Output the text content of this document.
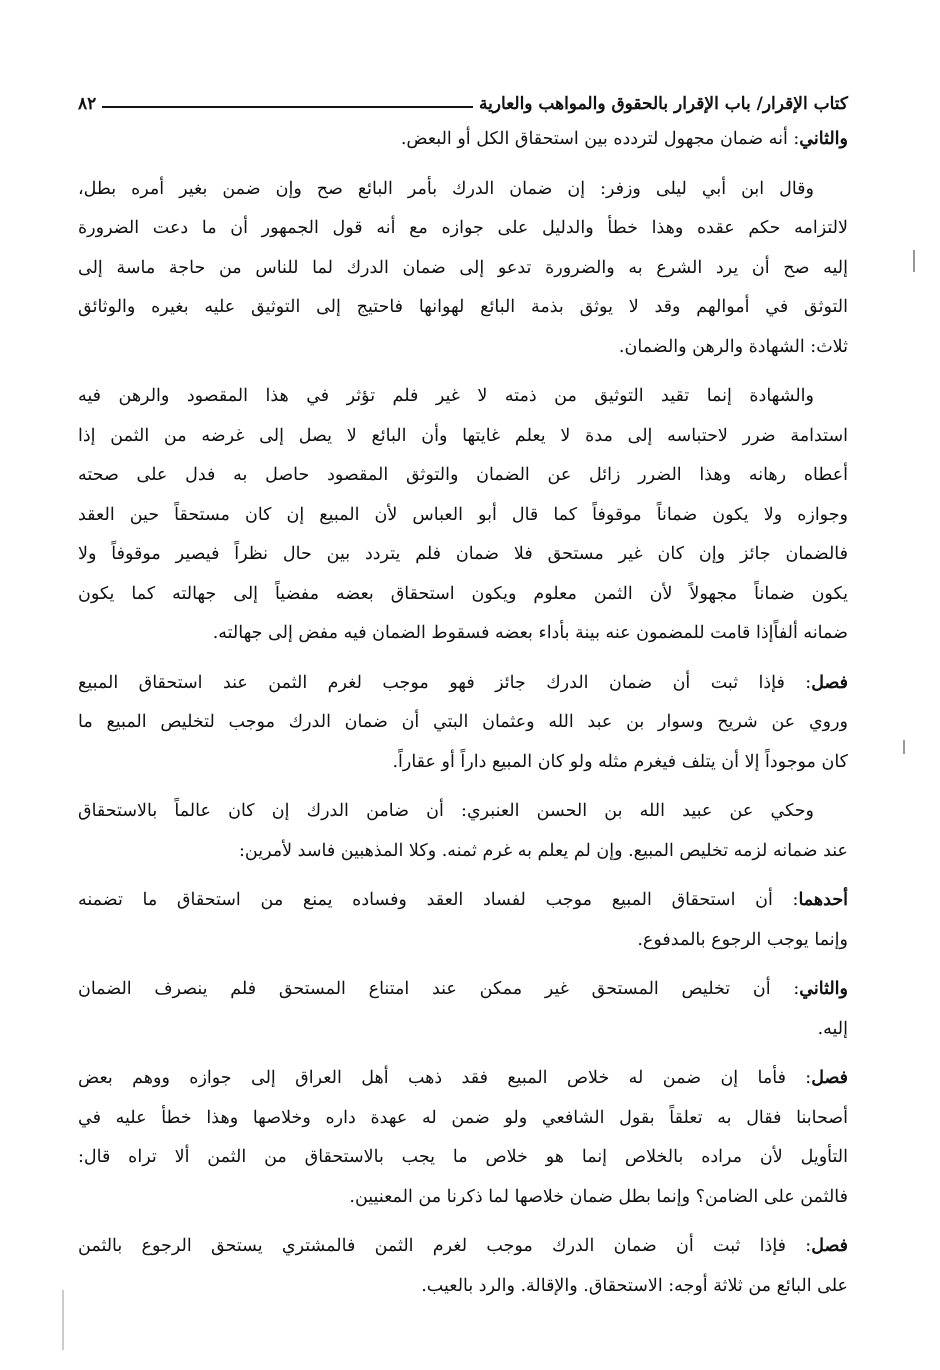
كتاب الإقرار/ باب الإقرار بالحقوق والمواهب والعارية
٨٢
والثاني: أنه ضمان مجهول لتردده بين استحقاق الكل أو البعض.
وقال ابن أبي ليلى وزفر: إن ضمان الدرك بأمر البائع صح وإن ضمن بغير أمره بطل،
لالتزامه حكم عقده وهذا خطأ والدليل على جوازه مع أنه قول الجمهور أن ما دعت الضرورة
إليه صح أن يرد الشرع به والضرورة تدعو إلى ضمان الدرك لما للناس من حاجة ماسة إلى
التوثق في أموالهم وقد لا يوثق بذمة البائع لهوانها فاحتيج إلى التوثيق عليه بغيره والوثائق
ثلاث: الشهادة والرهن والضمان.
والشهادة إنما تقيد التوثيق من ذمته لا غير فلم تؤثر في هذا المقصود والرهن فيه
استدامة ضرر لاحتباسه إلى مدة لا يعلم غايتها وأن البائع لا يصل إلى غرضه من الثمن إذا
أعطاه رهانه وهذا الضرر زائل عن الضمان والتوثق المقصود حاصل به فدل على صحته
وجوازه ولا يكون ضماناً موقوفاً كما قال أبو العباس لأن المبيع إن كان مستحقاً حين العقد
فالضمان جائز وإن كان غير مستحق فلا ضمان فلم يتردد بين حال نظراً فيصير موقوفاً ولا
يكون ضماناً مجهولاً لأن الثمن معلوم ويكون استحقاق بعضه مفضياً إلى جهالته كما يكون
ضمانه ألفاًإذا قامت للمضمون عنه بينة بأداء بعضه فسقوط الضمان فيه مفض إلى جهالته.
فصل: فإذا ثبت أن ضمان الدرك جائز فهو موجب لغرم الثمن عند استحقاق المبيع
وروي عن شريح وسوار بن عبد الله وعثمان البتي أن ضمان الدرك موجب لتخليص المبيع ما
كان موجوداً إلا أن يتلف فيغرم مثله ولو كان المبيع داراً أو عقاراً.
وحكي عن عبيد الله بن الحسن العنبري: أن ضامن الدرك إن كان عالماً بالاستحقاق
عند ضمانه لزمه تخليص المبيع. وإن لم يعلم به غرم ثمنه. وكلا المذهبين فاسد لأمرين:
أحدهما: أن استحقاق المبيع موجب لفساد العقد وفساده يمنع من استحقاق ما تضمنه
وإنما يوجب الرجوع بالمدفوع.
والثاني: أن تخليص المستحق غير ممكن عند امتناع المستحق فلم ينصرف الضمان
إليه.
فصل: فأما إن ضمن له خلاص المبيع فقد ذهب أهل العراق إلى جوازه ووهم بعض
أصحابنا فقال به تعلقاً بقول الشافعي ولو ضمن له عهدة داره وخلاصها وهذا خطأ عليه في
التأويل لأن مراده بالخلاص إنما هو خلاص ما يجب بالاستحقاق من الثمن ألا تراه قال:
فالثمن على الضامن؟ وإنما بطل ضمان خلاصها لما ذكرنا من المعنيين.
فصل: فإذا ثبت أن ضمان الدرك موجب لغرم الثمن فالمشتري يستحق الرجوع بالثمن
على البائع من ثلاثة أوجه: الاستحقاق. والإقالة. والرد بالعيب.
